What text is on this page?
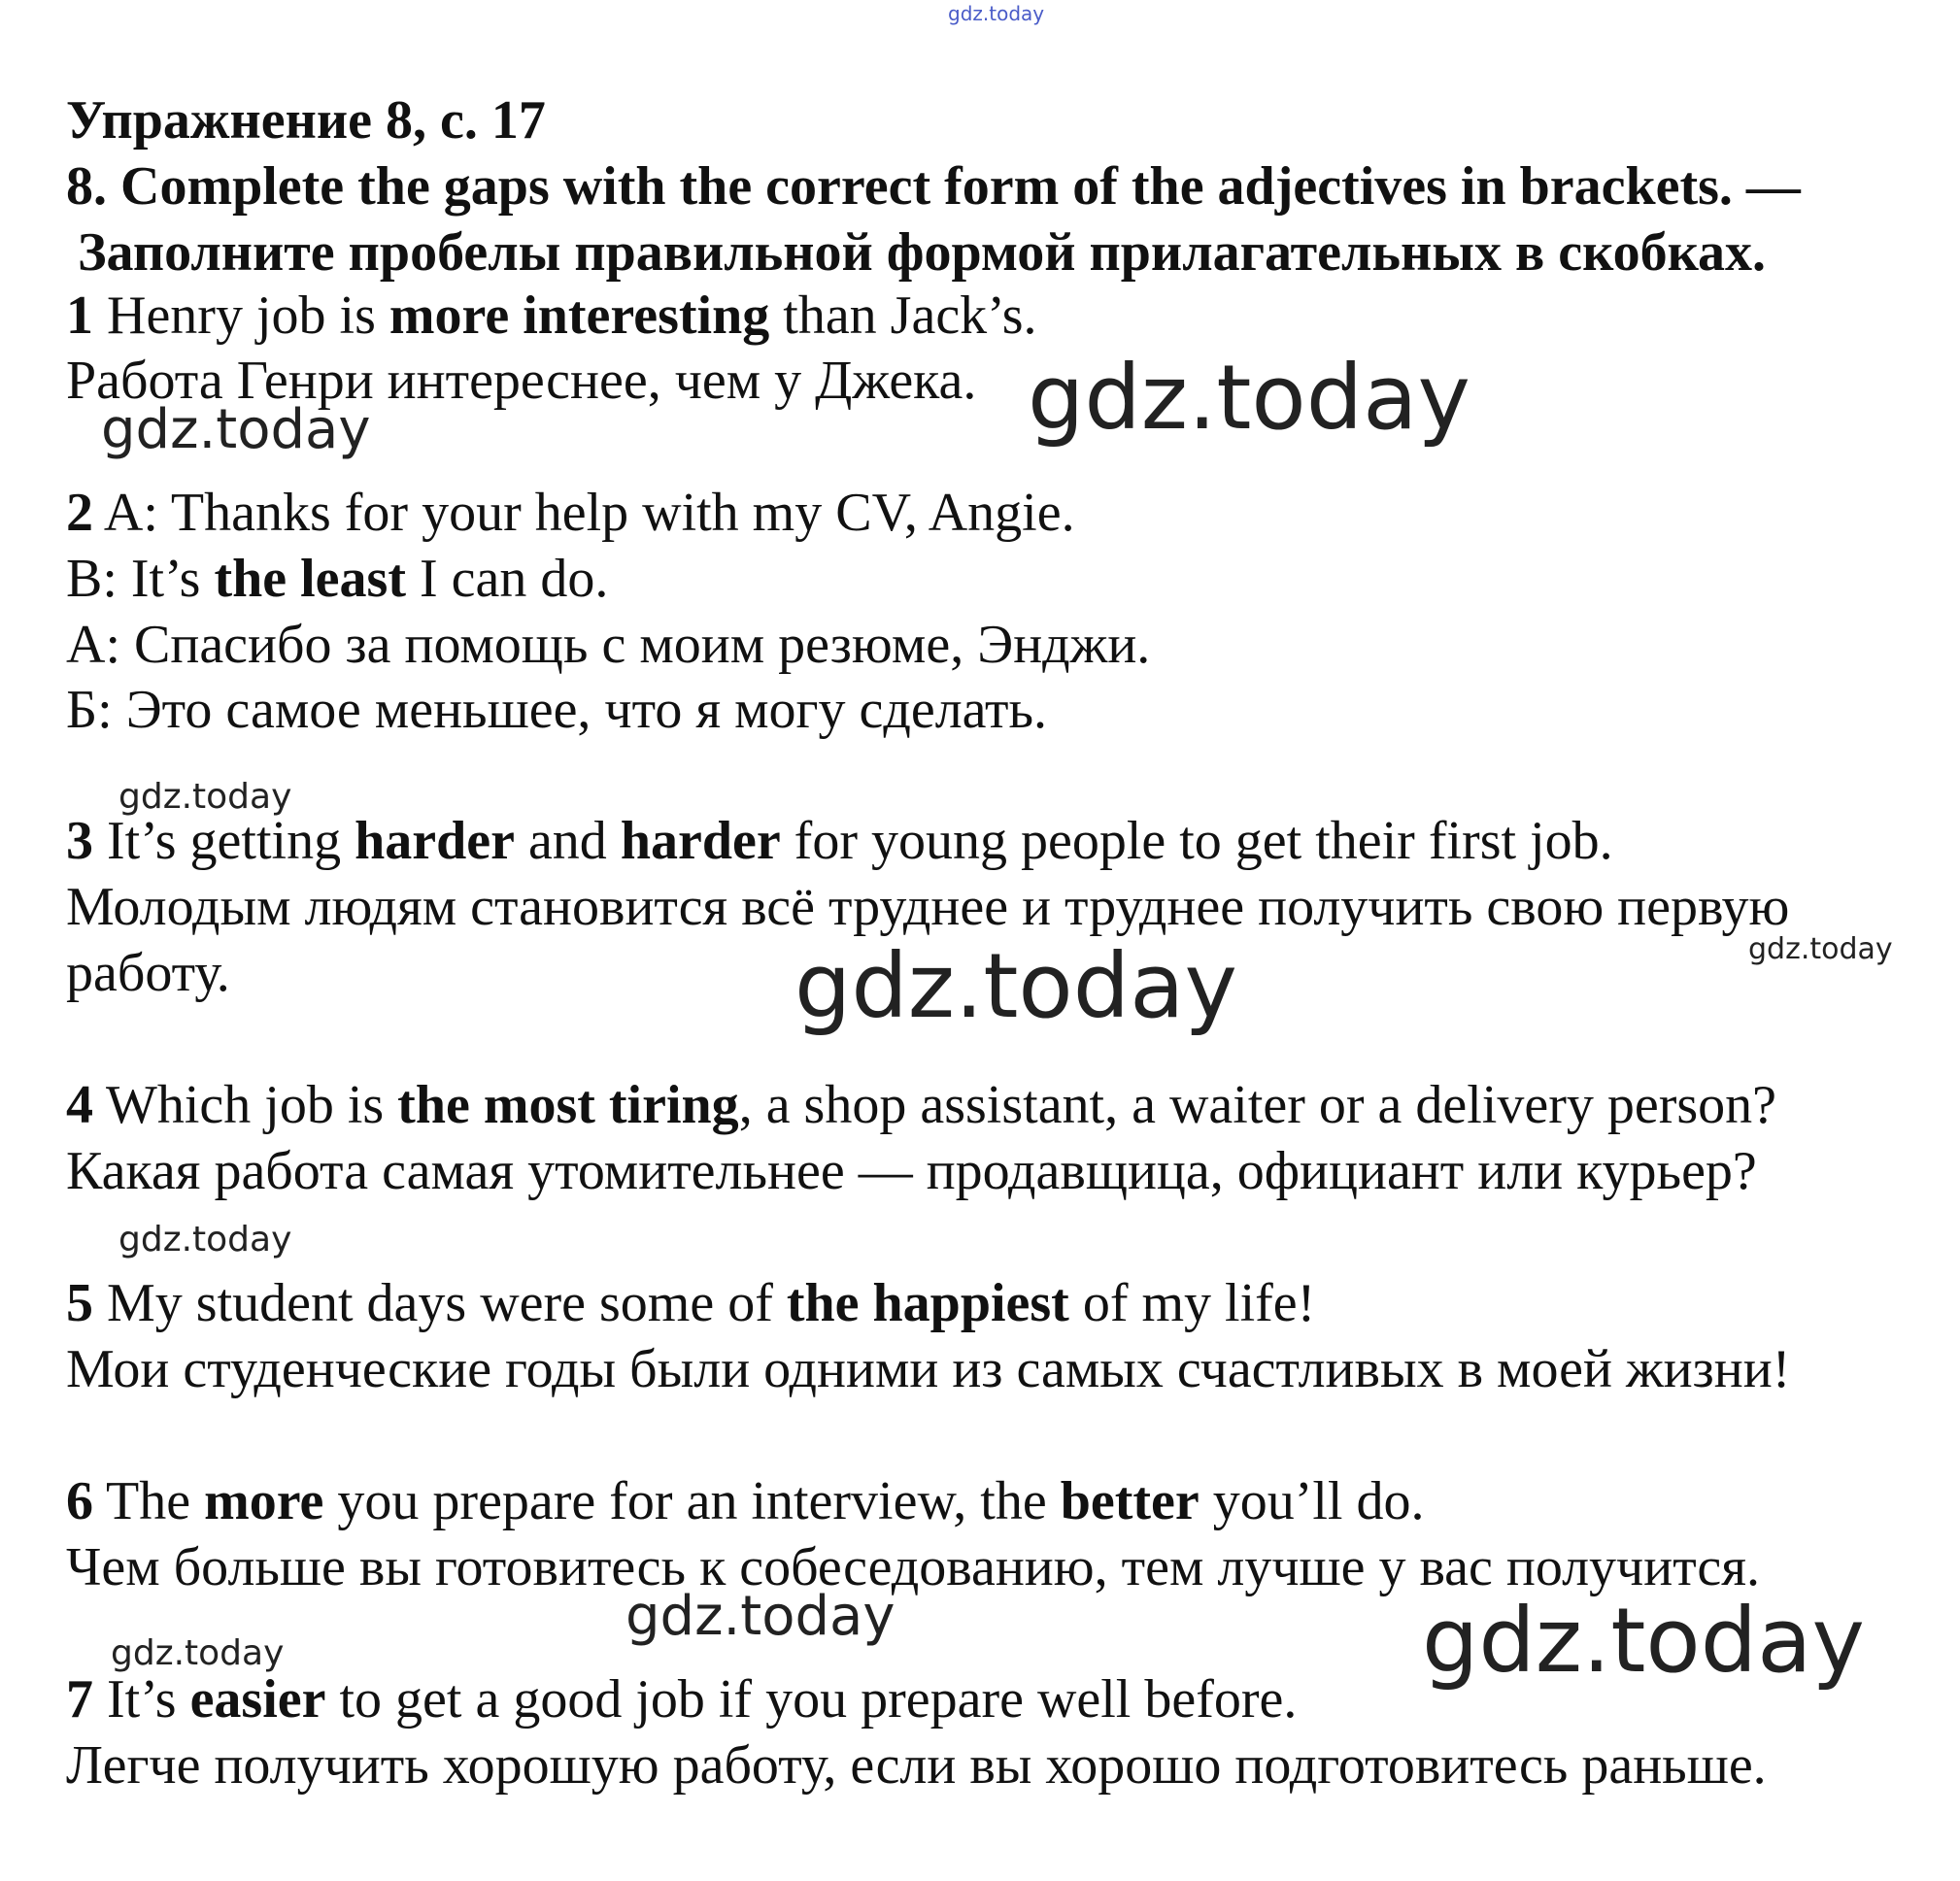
gdz.today
Упражнение 8, с. 17
8. Complete the gaps with the correct form of the adjectives in brackets. —
Заполните пробелы правильной формой прилагательных в скобках.
1 Henry job is more interesting than Jack’s.
Работа Генри интереснее, чем у Джека.
gdz.today	gdz.today
2 A: Thanks for your help with my CV, Angie.
B: It’s the least I can do.
А: Спасибо за помощь с моим резюме, Энджи.
Б: Это самое меньшее, что я могу сделать.
gdz.today
3 It’s getting harder and harder for young people to get their first job.
Молодым людям становится всё труднее и труднее получить свою первую
работу.	gdz.today
gdz.today
4 Which job is the most tiring, a shop assistant, a waiter or a delivery person?
Какая работа самая утомительнее — продавщица, официант или курьер?
gdz.today
5 My student days were some of the happiest of my life!
Мои студенческие годы были одними из самых счастливых в моей жизни!
6 The more you prepare for an interview, the better you’ll do.
Чем больше вы готовитесь к собеседованию, тем лучше у вас получится.
gdz.today	gdz.today
gdz.today
7 It’s easier to get a good job if you prepare well before.
Легче получить хорошую работу, если вы хорошо подготовитесь раньше.
